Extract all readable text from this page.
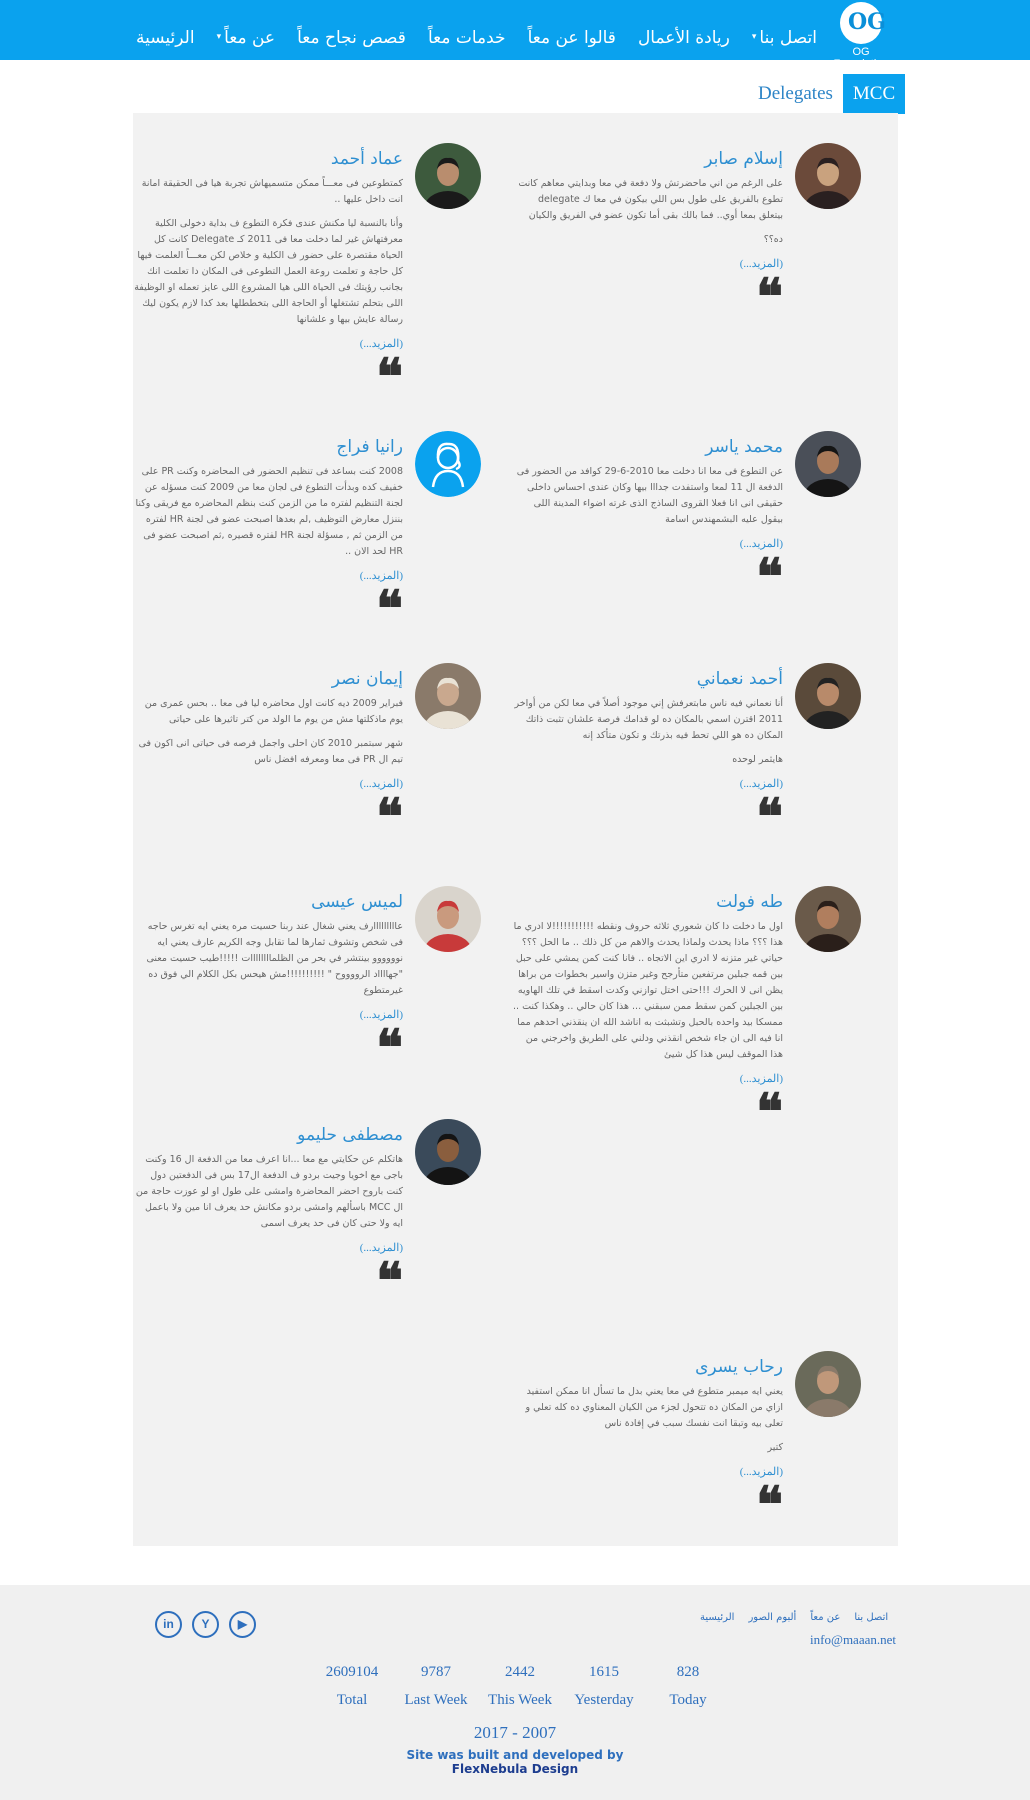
OG
OG Foundation
الرئيسية	عن معاً▾	قصص نجاح معاً خدمات معاً قالوا عن معاً ريادة الأعمال	اتصل بنا▾
Delegates	MCC
إسلام صابر

على الرغم من اني ماحضرتش ولا دفعة في معا وبدايتي معاهم كانت تطوع بالفريق على طول بس اللي بيكون في معا ك delegate بيتعلق بمعا أوي.. فما بالك بقى أما تكون عضو في الفريق والكيان

ده؟؟

(المزيد...)
❝
عماد أحمد

كمتطوعين فى معـــاً ممكن متسميهاش تجربة هيا فى الحقيقة امانة انت داخل عليها ..

وأنا بالنسبة ليا مكنش عندى فكرة التطوع ف بداية دخولى الكلية معرفتهاش غير لما دخلت معا فى 2011 كـ Delegate كانت كل الحياة مقتصرة على حضور ف الكلية و خلاص لكن معـــاً العلمت فيها كل حاجة و تعلمت روعة العمل التطوعى فى المكان دا تعلمت انك بجانب رؤيتك فى الحياة اللى هيا المشروع اللى عايز تعمله او الوظيفة اللى بتحلم تشتغلها أو الحاجة اللى بتخططلها بعد كدا لازم يكون ليك رسالة عايش بيها و علشانها

(المزيد...)
❝
محمد ياسر

عن التطوع فى معا انا دخلت معا 2010-6-29 كوافد من الحضور فى الدفعة ال 11 لمعا واستفدت جدااا بيها وكان عندى احساس داخلى حقيقى انى انا فعلا القروى الساذج الذى غرته اضواء المدينة اللى بيقول عليه البشمهندس اسامة

(المزيد...)
❝
رانيا فراج

2008 كنت بساعد فى تنظيم الحضور فى المحاضره وكنت PR على خفيف كده وبدأت التطوع فى لجان معا من 2009 كنت مسؤله عن لجنة التنظيم لفتره ما من الزمن كنت بنظم المحاضره مع فريقى وكنا بننزل معارض التوظيف ,لم بعدها اصبحت عضو فى لجنة HR لفتره من الزمن ثم , مسؤلة لجنة HR لفتره قصيره ,ثم اصبحت عضو فى HR لحد الان ..

(المزيد...)
❝
أحمد نعماني

أنا نعماني فيه ناس مابتعرفش إني موجود أصلاً في معا لكن من أواخر 2011 اقترن اسمي بالمكان ده لو قدامك فرصة علشان تثبت ذاتك المكان ده هو اللي تحط فيه بذرتك و تكون متأكد إنه

هايثمر لوحده

(المزيد...)
❝
إيمان نصر

فبراير 2009 ديه كانت اول محاضره ليا فى معا .. بحس عمرى من يوم ماذكلتها مش من يوم ما الولد من كتر تاثيرها على حياتى

شهر سبتمبر 2010 كان احلى واجمل فرصه فى حياتى انى اكون فى تيم ال PR فى معا ومعرفه افضل ناس

(المزيد...)
❝
طه فولت

اول ما دخلت دا كان شعوري ثلاثه حروف ونقطه !!!!!!!!!!!لا ادري ما هذا ؟؟؟ ماذا يحدث ولماذا يحدث والاهم من كل ذلك .. ما الحل ؟؟؟حياتي غير متزنه لا ادري اين الاتجاه .. فانا كنت كمن يمشي على حبل بين قمه جبلين مرتفعين متأرجح وغير متزن واسير بخطوات من براها يظن انى لا الحرك !!!حتى اختل توازني وكدت اسقط في تلك الهاويه بين الجبلين كمن سقط ممن سبقني ... هذا كان حالي .. وهكذا كنت .. ممسكا بيد واحده بالحبل وتشبثت به اناشد الله ان ينقذني احدهم مما انا فيه الى ان جاء شخص انقذني ودلني على الطريق واخرجني من هذا الموقف ليس هذا كل شيئ

(المزيد...)
❝
لميس عيسى

عااااااااارف يعني شغال عند ربنا حسيت مره يعني ايه تغرس حاجه فى شخص وتشوف ثمارها لما تقابل وجه الكريم عارف يعني ايه نوووووو بينتشر في بحر من الظلماااااااات !!!!!طيب حسيت معنى "جهااااد الرووووح " !!!!!!!!!!مش هيحس بكل الكلام الي فوق ده غيرمتطوع

(المزيد...)
❝
مصطفى حليمو

هاتكلم عن حكايتي مع معا ...انا اعرف معا من الدفعة ال 16 وكنت باجى مع اخويا وجيت بردو ف الدفعة ال17 بس فى الدفعتين دول كنت باروح احضر المحاضرة وامشى على طول او لو عوزت حاجة من ال MCC باسألهم وامشى بردو مكانش حد يعرف انا مين ولا باعمل ايه ولا حتى كان فى حد يعرف اسمى

(المزيد...)
❝
رحاب يسرى

يعني ايه ميمبر متطوع في معا يعني بدل ما تسأل انا ممكن استفيد ازاي من المكان ده تتحول لجزء من الكيان المعناوي ده كله تعلي و تعلى بيه وتبقا انت نفسك سبب في إفادة ناس

كتير

(المزيد...)
❝
in	Y	▶	الرئيسية ألبوم الصور عن معاً اتصل بنا
info@maaan.net
2609104
Total
9787
Last Week
2442
This Week
1615
Yesterday
828
Today
2017 - 2007
Site was built and developed by
FlexNebula Design
